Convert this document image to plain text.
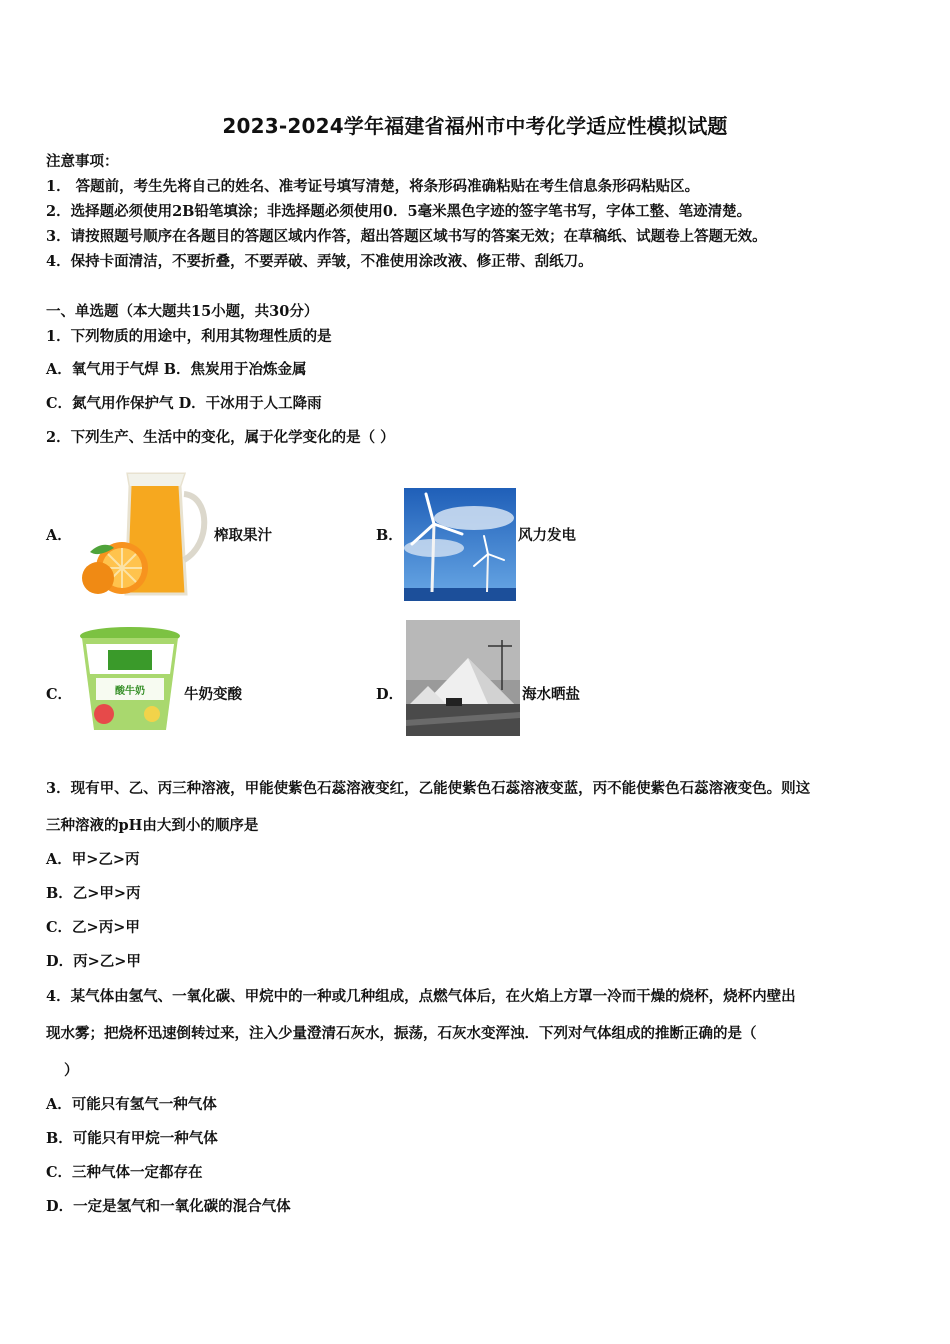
2023-2024学年福建省福州市中考化学适应性模拟试题
注意事项：
1． 答题前，考生先将自己的姓名、准考证号填写清楚，将条形码准确粘贴在考生信息条形码粘贴区。
2．选择题必须使用2B铅笔填涂；非选择题必须使用0．5毫米黑色字迹的签字笔书写，字体工整、笔迹清楚。
3．请按照题号顺序在各题目的答题区域内作答，超出答题区域书写的答案无效；在草稿纸、试题卷上答题无效。
4．保持卡面清洁，不要折叠，不要弄破、弄皱，不准使用涂改液、修正带、刮纸刀。
一、单选题（本大题共15小题，共30分）
1．下列物质的用途中，利用其物理性质的是
A．氧气用于气焊 B．焦炭用于冶炼金属
C．氮气用作保护气 D．干冰用于人工降雨
2．下列生产、生活中的变化，属于化学变化的是（ ）
A．	榨取果汁	B．	风力发电
C．	酸牛奶	牛奶变酸	D．	海水晒盐
3．现有甲、乙、丙三种溶液，甲能使紫色石蕊溶液变红，乙能使紫色石蕊溶液变蓝，丙不能使紫色石蕊溶液变色。则这
三种溶液的pH由大到小的顺序是
A．甲>乙>丙
B．乙>甲>丙
C．乙>丙>甲
D．丙>乙>甲
4．某气体由氢气、一氧化碳、甲烷中的一种或几种组成，点燃气体后，在火焰上方罩一冷而干燥的烧杯，烧杯内壁出
现水雾；把烧杯迅速倒转过来，注入少量澄清石灰水，振荡，石灰水变浑浊．下列对气体组成的推断正确的是（
）
A．可能只有氢气一种气体
B．可能只有甲烷一种气体
C．三种气体一定都存在
D．一定是氢气和一氧化碳的混合气体
